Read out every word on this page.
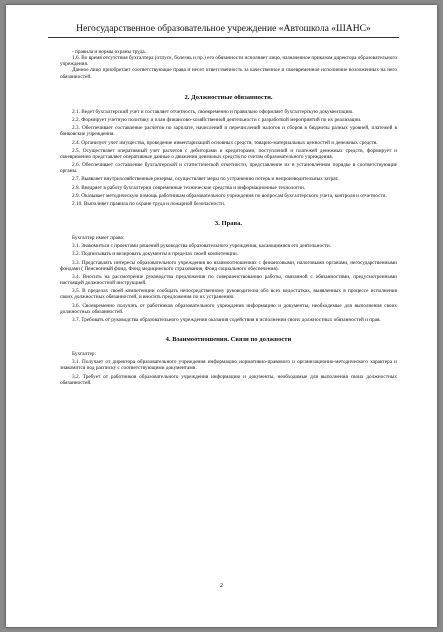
Негосударственное образовательное учреждение «Автошкола «ШАНС»

- правила и нормы охраны труда.

1.6. Во время отсутствия бухгалтера (отпуск, болезнь и пр.) его обязанности исполняет лицо, назначенное приказом директора образовательного учреждения.

Данное лицо приобретает соответствующие права и несет ответственность за качественное и своевременное исполнение возложенных на него обязанностей.

2. Должностные обязанности.

2.1. Ведет бухгалтерский учет и составляет отчетность, своевременно и правильно оформляет бухгалтерскую документацию.

2.2. Формирует учетную политику и план финансово-хозяйственной деятельности с разработкой мероприятий по их реализации.

2.3. Обеспечивает составление расчетов по зарплате, начислений и перечислений налогов и сборов в бюджеты разных уровней, платежей в банковские учреждения.

2.4. Организует учет имущества, проведение инвентаризаций основных средств, товарно-материальных ценностей и денежных средств.

2.5. Осуществляет оперативный учет расчетов с дебиторами и кредиторами, поступлений и платежей денежных средств, формирует и своевременно представляет оперативные данные о движении денежных средств по счетам образовательного учреждения.

2.6. Обеспечивает составление бухгалтерской и статистической отчетности, представление их в установленном порядке в соответствующие органы.

2.7. Выявляет внутрихозяйственные резервы, осуществляет меры по устранению потерь и непроизводительных затрат.

2.8. Внедряет в работу бухгалтерии современные технические средства и информационные технологии.

2.9. Оказывает методическую помощь работникам образовательного учреждения по вопросам бухгалтерского учета, контроля и отчетности.

2.10. Выполняет правила по охране труда и пожарной безопасности.

3. Права.

Бухгалтер имеет право:

3.1. Знакомиться с проектами решений руководства образовательного учреждения, касающимися его деятельности.

3.2. Подписывать и визировать документы в пределах своей компетенции.

3.3. Представлять интересы образовательного учреждения во взаимоотношениях с финансовыми, налоговыми органами, негосударственными фондами ( Пенсионный фонд, Фонд медицинского страхования, Фонд социального обеспечения).

3.4. Вносить на рассмотрение руководства предложения по совершенствованию работы, связанной с обязанностями, предусмотренными настоящей должностной инструкцией.

3.5. В пределах своей компетенции сообщать непосредственному руководителю обо всех недостатках, выявленных в процессе исполнения своих должностных обязанностей, и вносить предложения по их устранению.

3.6. Своевременно получать от работников образовательного учреждения информацию и документы, необходимые для выполнения своих должностных обязанностей.

3.7. Требовать от руководства образовательного учреждения оказания содействия в исполнении своих должностных обязанностей и прав.

4. Взаимоотношения. Связи по должности

Бухгалтер:

3.1. Получает от директора образовательного учреждения информацию нормативно-правового и организационно-методического характера и знакомится под расписку с соответствующими документами.

3.2. Требует от работников образовательного учреждения информацию и документы, необходимые для выполнения своих должностных обязанностей.

2
